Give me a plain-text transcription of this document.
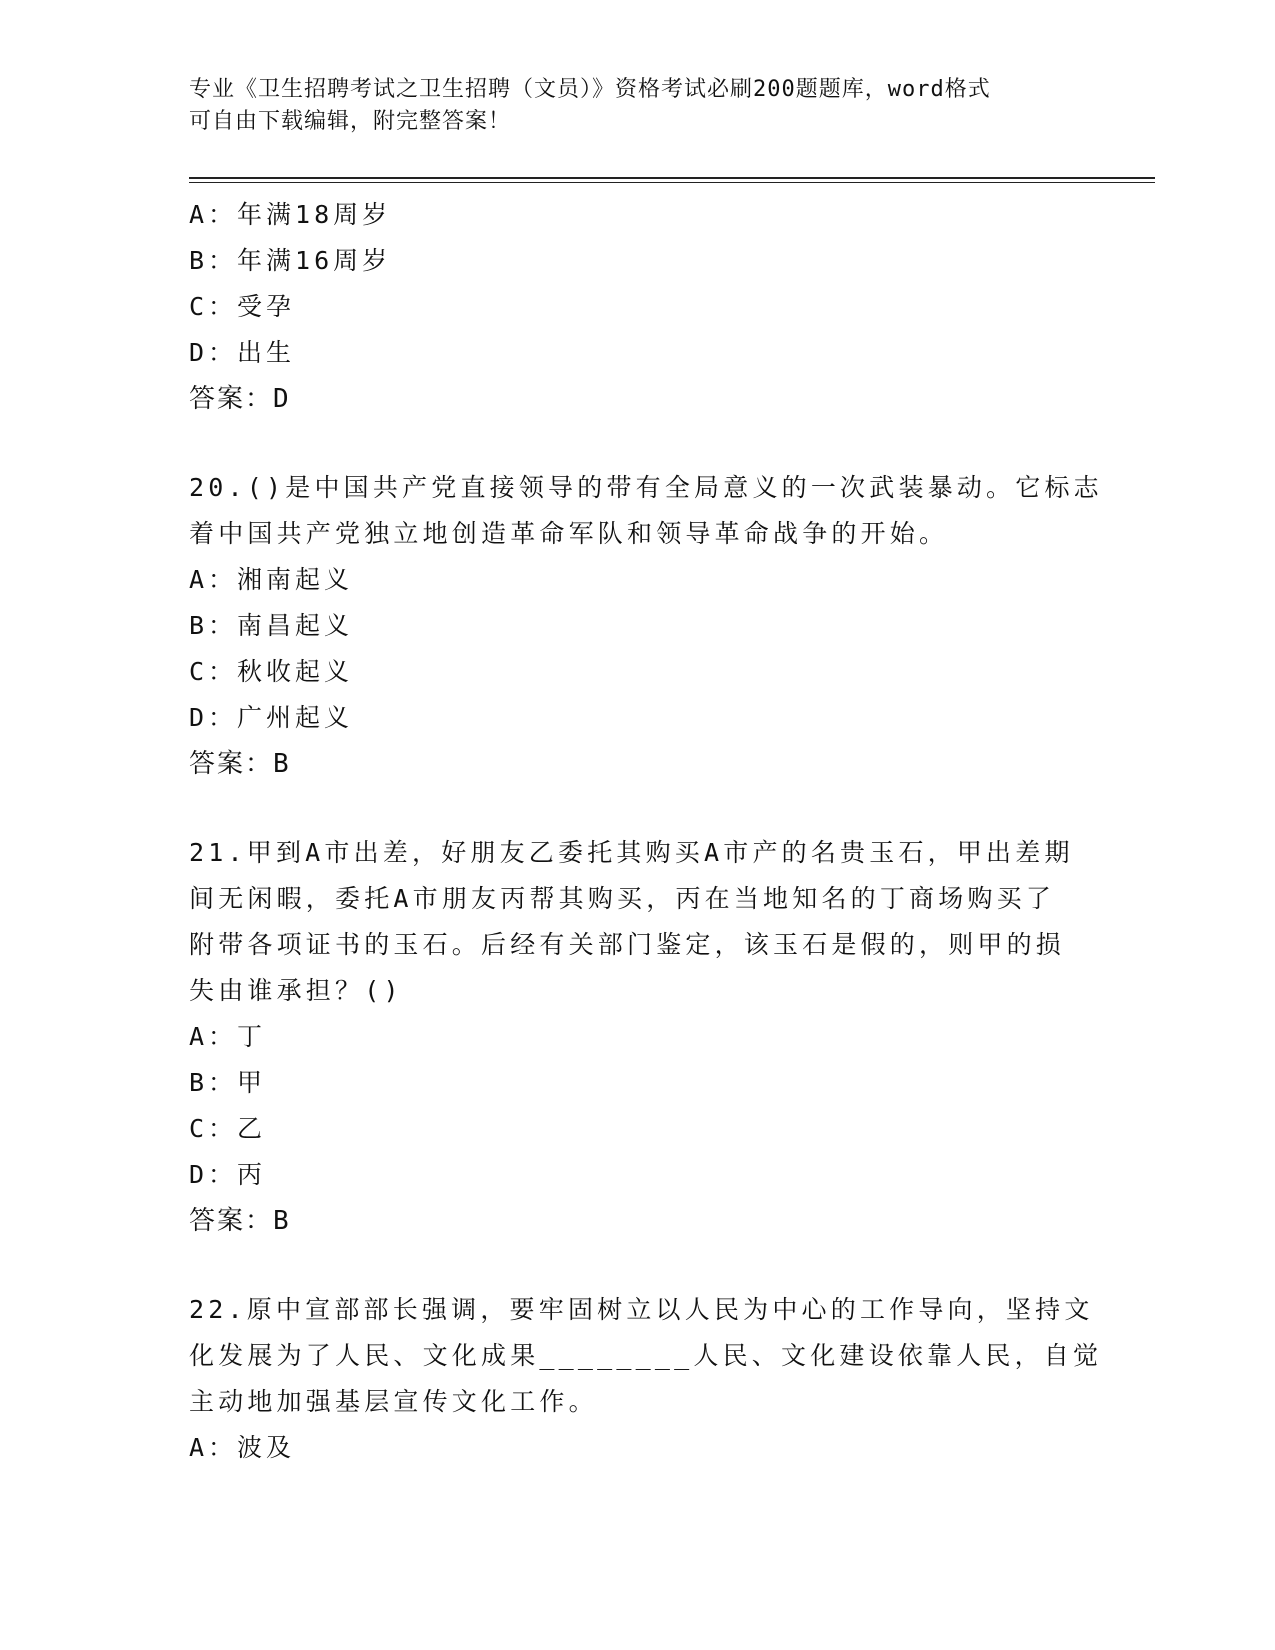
专业《卫生招聘考试之卫生招聘（文员）》资格考试必刷200题题库，word格式
可自由下载编辑，附完整答案！
A：年满18周岁
B：年满16周岁
C：受孕
D：出生
答案：D
20.()是中国共产党直接领导的带有全局意义的一次武装暴动。它标志
着中国共产党独立地创造革命军队和领导革命战争的开始。
A：湘南起义
B：南昌起义
C：秋收起义
D：广州起义
答案：B
21.甲到A市出差，好朋友乙委托其购买A市产的名贵玉石，甲出差期
间无闲暇，委托A市朋友丙帮其购买，丙在当地知名的丁商场购买了
附带各项证书的玉石。后经有关部门鉴定，该玉石是假的，则甲的损
失由谁承担？()
A：丁
B：甲
C：乙
D：丙
答案：B
22.原中宣部部长强调，要牢固树立以人民为中心的工作导向，坚持文
化发展为了人民、文化成果________人民、文化建设依靠人民，自觉
主动地加强基层宣传文化工作。
A：波及
